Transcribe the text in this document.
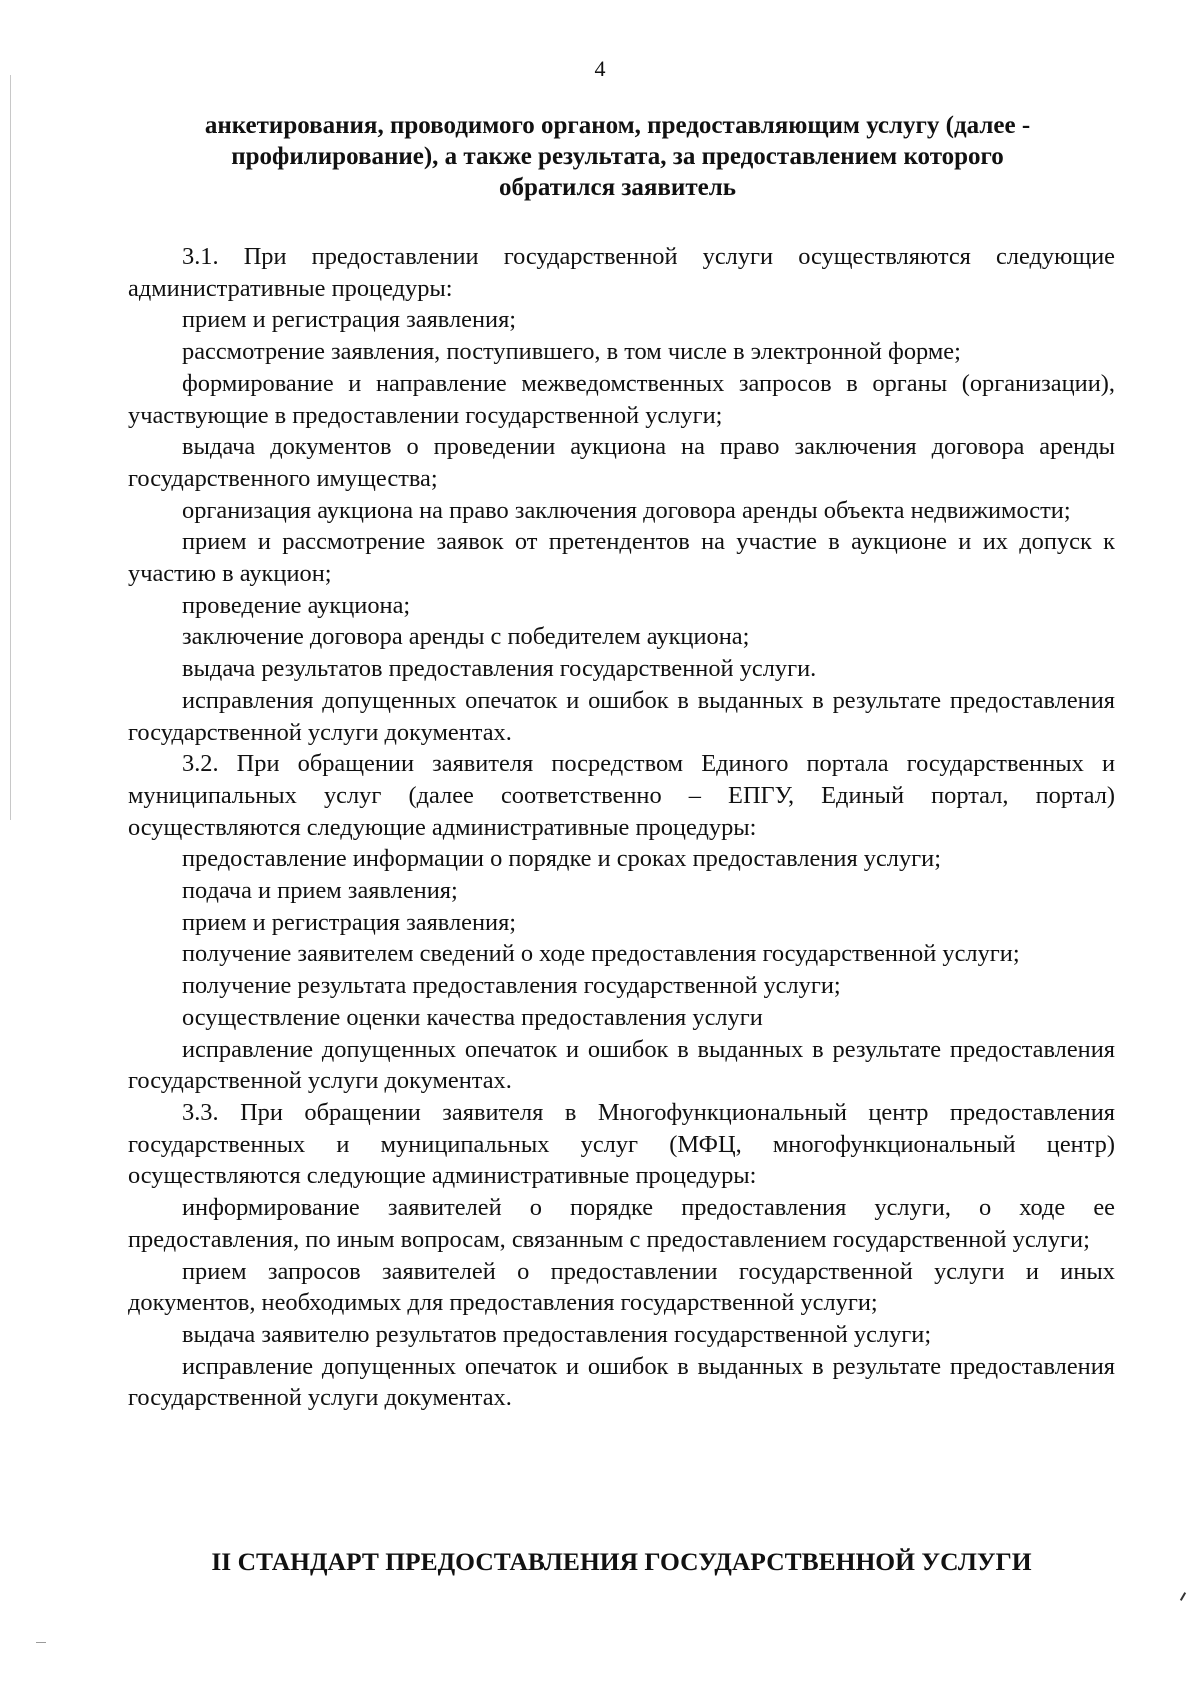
4
анкетирования, проводимого органом, предоставляющим услугу (далее -
профилирование), а также результата, за предоставлением которого
обратился заявитель

3.1. При предоставлении государственной услуги осуществляются следующие административные процедуры:

прием и регистрация заявления;

рассмотрение заявления, поступившего, в том числе в электронной форме;

формирование и направление межведомственных запросов в органы (организации), участвующие в предоставлении государственной услуги;

выдача документов о проведении аукциона на право заключения договора аренды государственного имущества;

организация аукциона на право заключения договора аренды объекта недвижимости;

прием и рассмотрение заявок от претендентов на участие в аукционе и их допуск к участию в аукцион;

проведение аукциона;

заключение договора аренды с победителем аукциона;

выдача результатов предоставления государственной услуги.

исправления допущенных опечаток и ошибок в выданных в результате предоставления государственной услуги документах.

3.2. При обращении заявителя посредством Единого портала государственных и муниципальных услуг (далее соответственно – ЕПГУ, Единый портал, портал) осуществляются следующие административные процедуры:

предоставление информации о порядке и сроках предоставления услуги;

подача и прием заявления;

прием и регистрация заявления;

получение заявителем сведений о ходе предоставления государственной услуги;

получение результата предоставления государственной услуги;

осуществление оценки качества предоставления услуги

исправление допущенных опечаток и ошибок в выданных в результате предоставления государственной услуги документах.

3.3. При обращении заявителя в Многофункциональный центр предоставления государственных и муниципальных услуг (МФЦ, многофункциональный центр) осуществляются следующие административные процедуры:

информирование заявителей о порядке предоставления услуги, о ходе ее предоставления, по иным вопросам, связанным с предоставлением государственной услуги;

прием запросов заявителей о предоставлении государственной услуги и иных документов, необходимых для предоставления государственной услуги;

выдача заявителю результатов предоставления государственной услуги;

исправление допущенных опечаток и ошибок в выданных в результате предоставления государственной услуги документах.

II СТАНДАРТ ПРЕДОСТАВЛЕНИЯ ГОСУДАРСТВЕННОЙ УСЛУГИ
